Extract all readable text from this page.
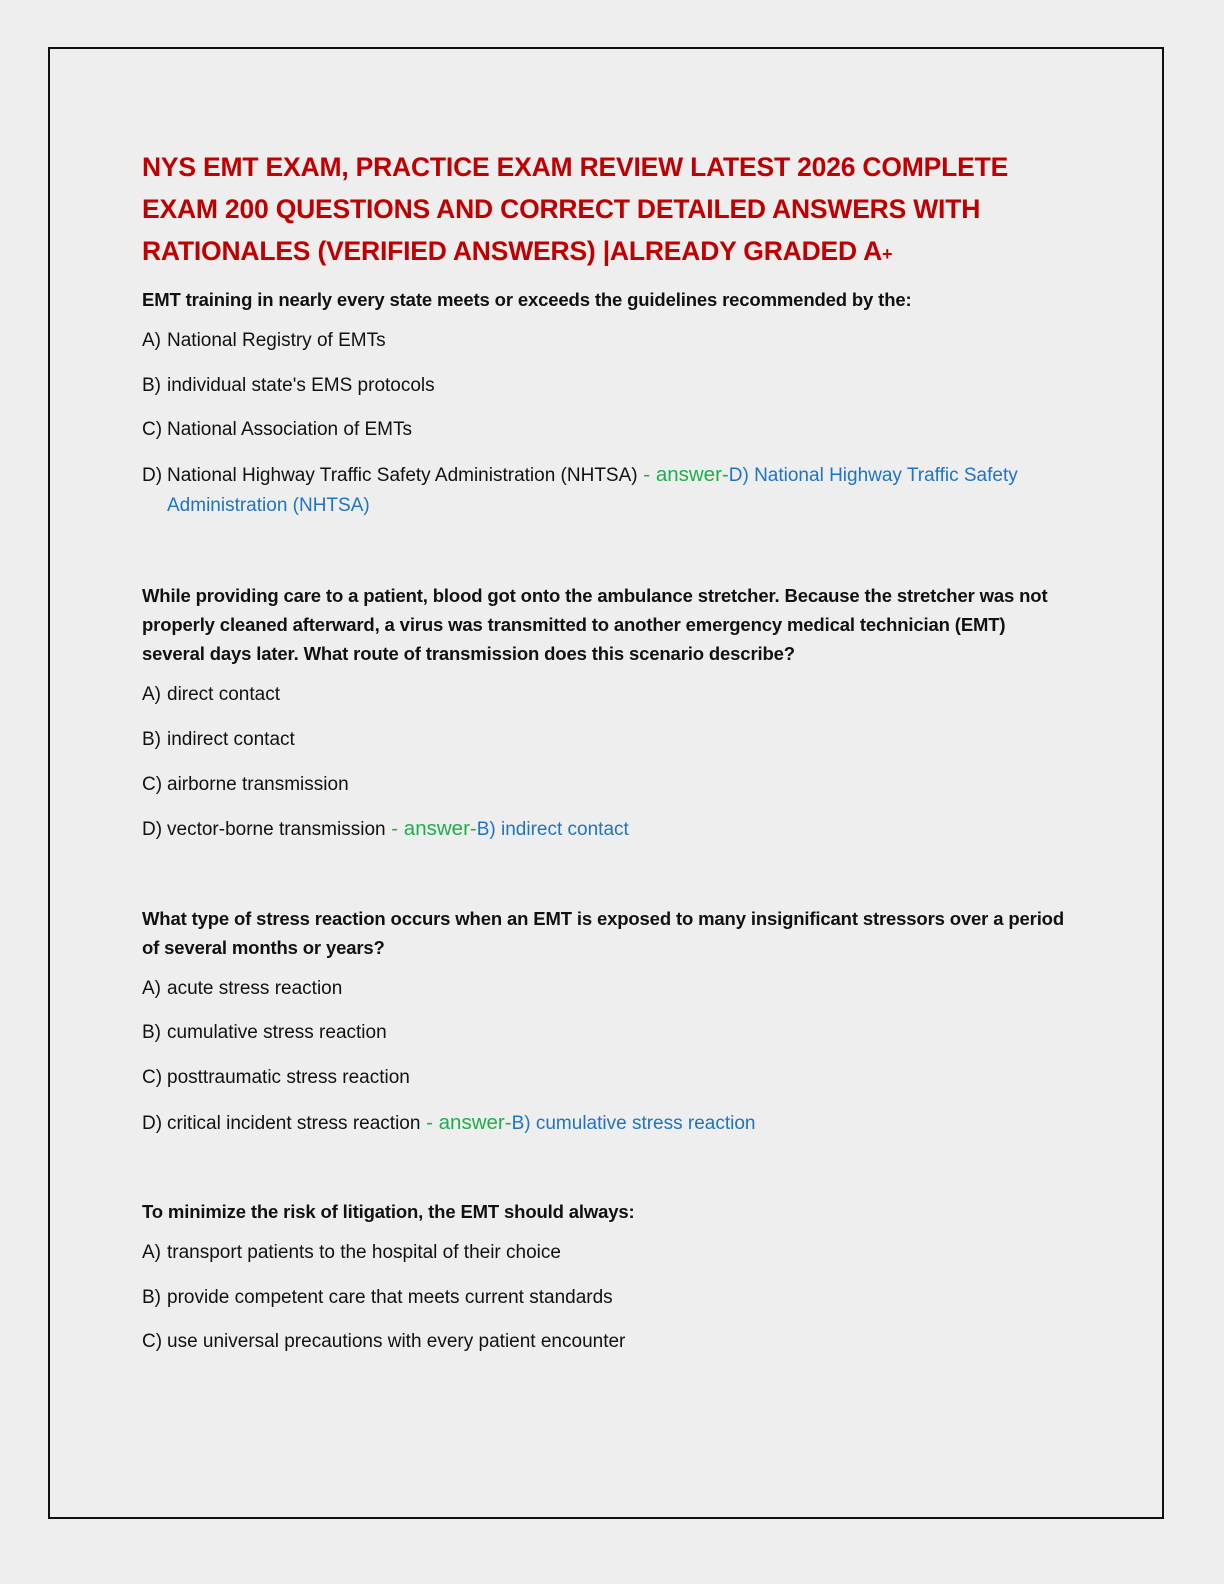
NYS EMT EXAM, PRACTICE EXAM REVIEW LATEST 2026 COMPLETE EXAM 200 QUESTIONS AND CORRECT DETAILED ANSWERS WITH RATIONALES (VERIFIED ANSWERS) |ALREADY GRADED A+

EMT training in nearly every state meets or exceeds the guidelines recommended by the:

A) National Registry of EMTs
B) individual state's EMS protocols
C) National Association of EMTs
D) National Highway Traffic Safety Administration (NHTSA) - answer-D) National Highway Traffic Safety Administration (NHTSA)

While providing care to a patient, blood got onto the ambulance stretcher. Because the stretcher was not properly cleaned afterward, a virus was transmitted to another emergency medical technician (EMT) several days later. What route of transmission does this scenario describe?

A) direct contact
B) indirect contact
C) airborne transmission
D) vector-borne transmission - answer-B) indirect contact

What type of stress reaction occurs when an EMT is exposed to many insignificant stressors over a period of several months or years?

A) acute stress reaction
B) cumulative stress reaction
C) posttraumatic stress reaction
D) critical incident stress reaction - answer-B) cumulative stress reaction

To minimize the risk of litigation, the EMT should always:

A) transport patients to the hospital of their choice
B) provide competent care that meets current standards
C) use universal precautions with every patient encounter
